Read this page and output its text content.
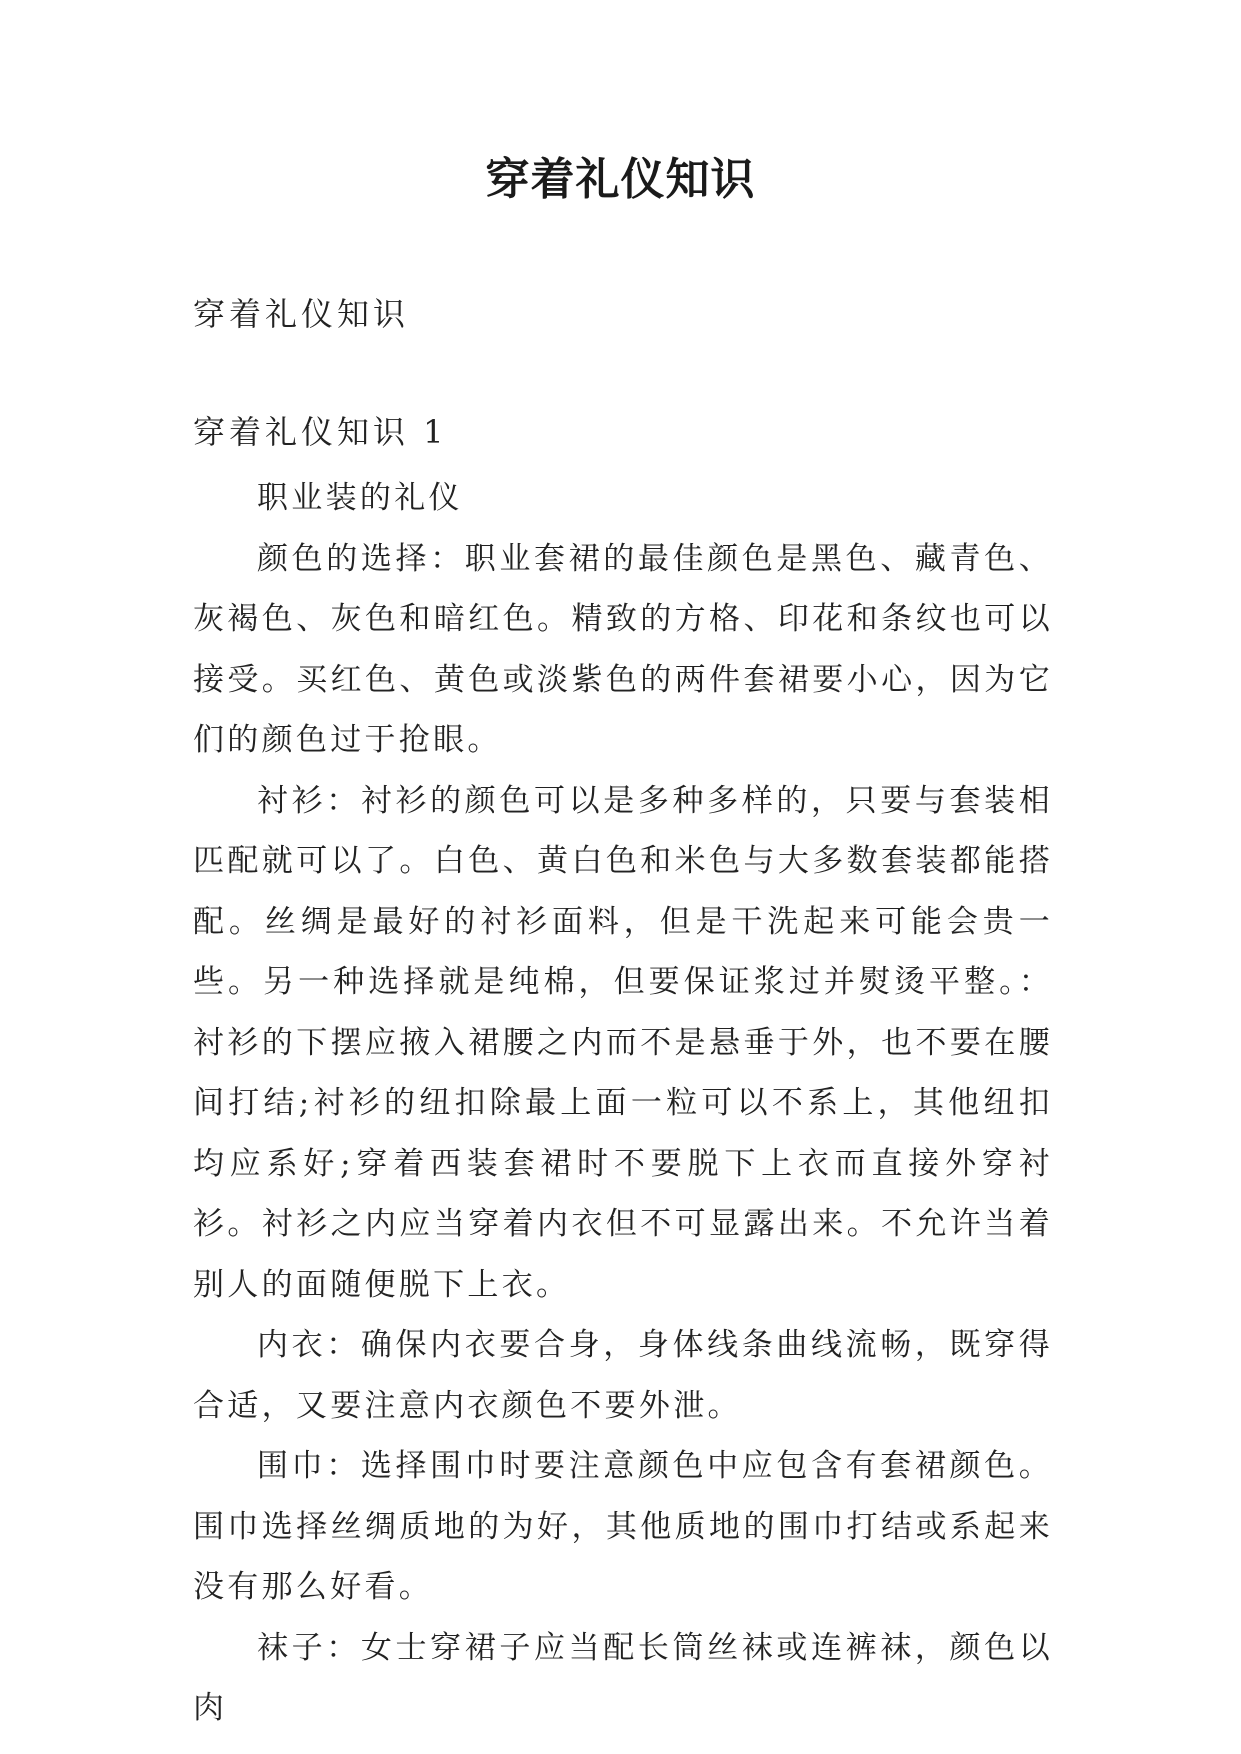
穿着礼仪知识
穿着礼仪知识
穿着礼仪知识 1

职业装的礼仪

颜色的选择：职业套裙的最佳颜色是黑色、藏青色、灰褐色、灰色和暗红色。精致的方格、印花和条纹也可以接受。买红色、黄色或淡紫色的两件套裙要小心，因为它们的颜色过于抢眼。

衬衫：衬衫的颜色可以是多种多样的，只要与套装相匹配就可以了。白色、黄白色和米色与大多数套装都能搭配。丝绸是最好的衬衫面料，但是干洗起来可能会贵一些。另一种选择就是纯棉，但要保证浆过并熨烫平整。：衬衫的下摆应掖入裙腰之内而不是悬垂于外，也不要在腰间打结;衬衫的纽扣除最上面一粒可以不系上，其他纽扣均应系好;穿着西装套裙时不要脱下上衣而直接外穿衬衫。衬衫之内应当穿着内衣但不可显露出来。不允许当着别人的面随便脱下上衣。

内衣：确保内衣要合身，身体线条曲线流畅，既穿得合适，又要注意内衣颜色不要外泄。

围巾：选择围巾时要注意颜色中应包含有套裙颜色。围巾选择丝绸质地的为好，其他质地的围巾打结或系起来没有那么好看。

袜子：女士穿裙子应当配长筒丝袜或连裤袜，颜色以肉
